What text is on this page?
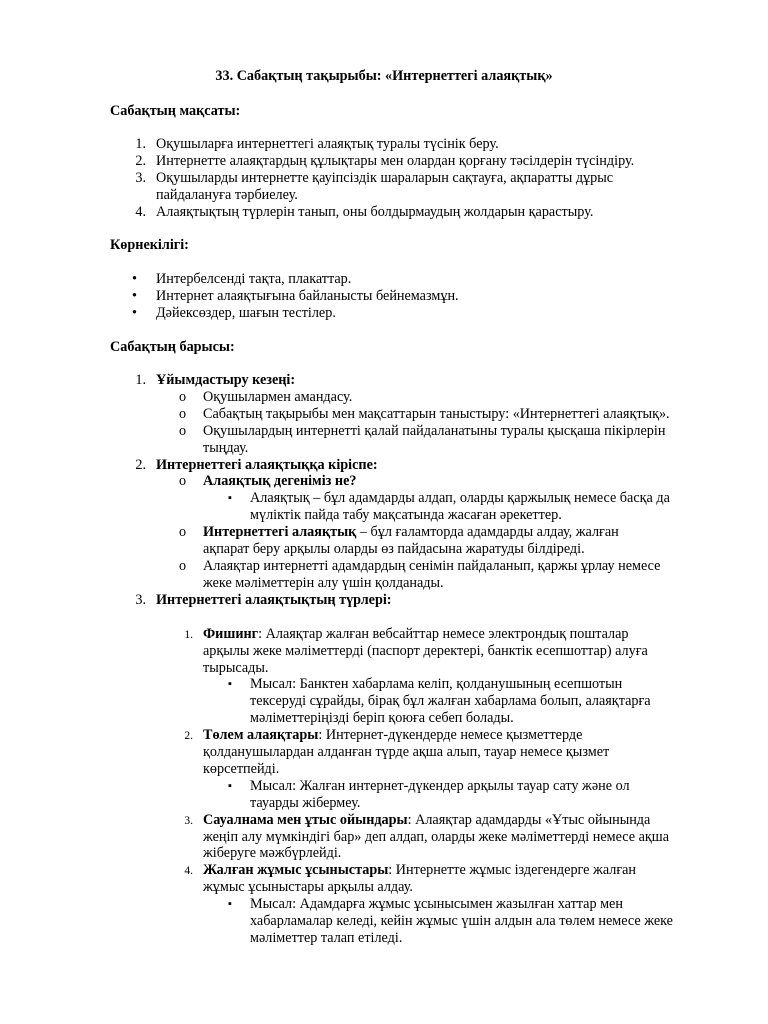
33. Сабақтың тақырыбы: «Интернеттегі алаяқтық»
Сабақтың мақсаты:
1. Оқушыларға интернеттегі алаяқтық туралы түсінік беру.
2. Интернетте алаяқтардың құлықтары мен олардан қорғану тәсілдерін түсіндіру.
3. Оқушыларды интернетте қауіпсіздік шараларын сақтауға, ақпаратты дұрыс
пайдалануға тәрбиелеу.
4. Алаяқтықтың түрлерін танып, оны болдырмаудың жолдарын қарастыру.
Көрнекілігі:
• Интербелсенді тақта, плакаттар.
• Интернет алаяқтығына байланысты бейнемазмұн.
• Дәйексөздер, шағын тестілер.
Сабақтың барысы:
1. Ұйымдастыру кезеңі:
o Оқушылармен амандасу.
o Сабақтың тақырыбы мен мақсаттарын таныстыру: «Интернеттегі алаяқтық».
o Оқушылардың интернетті қалай пайдаланатыны туралы қысқаша пікірлерін
тыңдау.
2. Интернеттегі алаяқтыққа кіріспе:
o Алаяқтық дегеніміз не?
▪ Алаяқтық – бұл адамдарды алдап, оларды қаржылық немесе басқа да
мүліктік пайда табу мақсатында жасаған әрекеттер.
o Интернеттегі алаяқтық – бұл ғаламторда адамдарды алдау, жалған
ақпарат беру арқылы оларды өз пайдасына жаратуды білдіреді.
o Алаяқтар интернетті адамдардың сенімін пайдаланып, қаржы ұрлау немесе
жеке мәліметтерін алу үшін қолданады.
3. Интернеттегі алаяқтықтың түрлері:
1. Фишинг: Алаяқтар жалған вебсайттар немесе электрондық пошталар
арқылы жеке мәліметтерді (паспорт деректері, банктік есепшоттар) алуға
тырысады.
▪ Мысал: Банктен хабарлама келіп, қолданушының есепшотын
тексеруді сұрайды, бірақ бұл жалған хабарлама болып, алаяқтарға
мәліметтеріңізді беріп қоюға себеп болады.
2. Төлем алаяқтары: Интернет-дүкендерде немесе қызметтерде
қолданушылардан алданған түрде ақша алып, тауар немесе қызмет
көрсетпейді.
▪ Мысал: Жалған интернет-дүкендер арқылы тауар сату және ол
тауарды жібермеу.
3. Сауалнама мен ұтыс ойындары: Алаяқтар адамдарды «Ұтыс ойынында
жеңіп алу мүмкіндігі бар» деп алдап, оларды жеке мәліметтерді немесе ақша
жіберуге мәжбүрлейді.
4. Жалған жұмыс ұсыныстары: Интернетте жұмыс іздегендерге жалған
жұмыс ұсыныстары арқылы алдау.
▪ Мысал: Адамдарға жұмыс ұсынысымен жазылған хаттар мен
хабарламалар келеді, кейін жұмыс үшін алдын ала төлем немесе жеке
мәліметтер талап етіледі.
